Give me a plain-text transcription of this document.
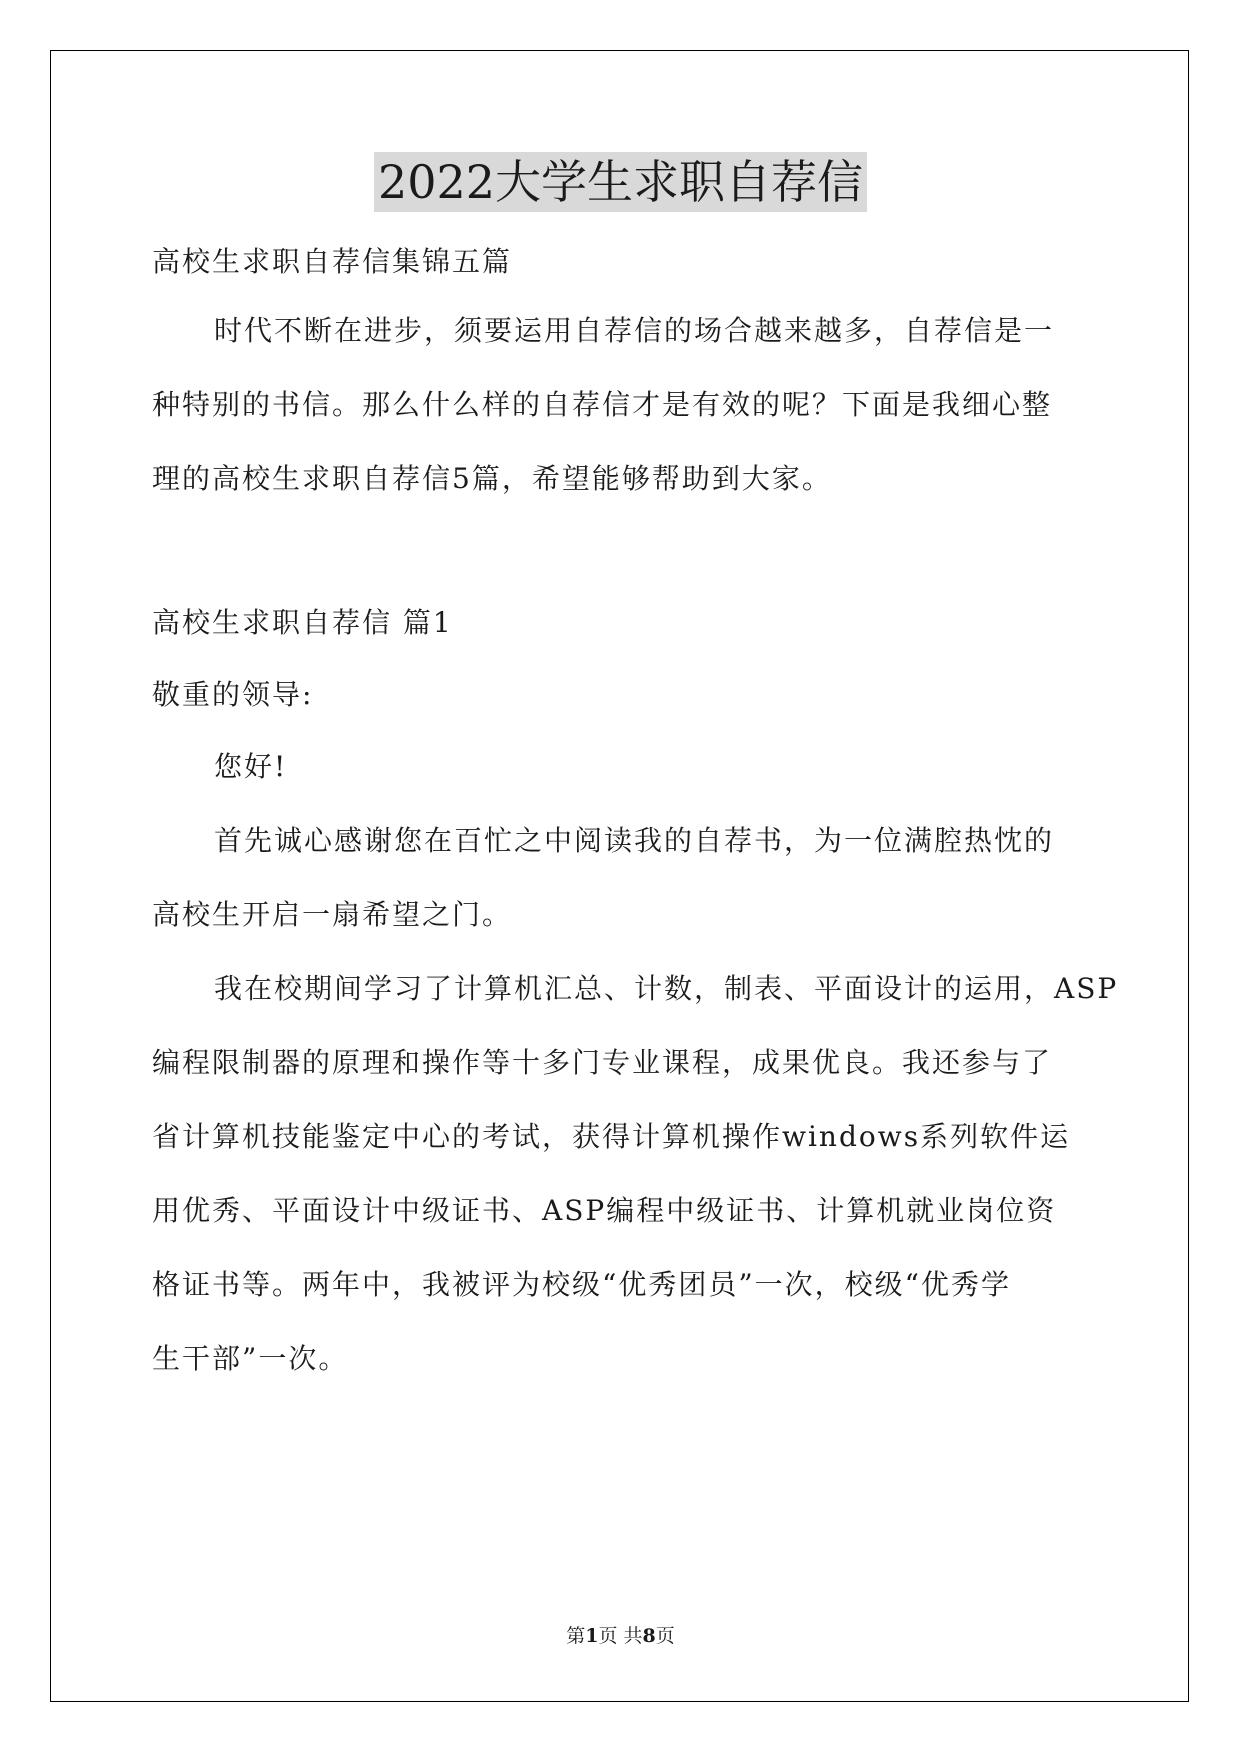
2022大学生求职自荐信
高校生求职自荐信集锦五篇
时代不断在进步，须要运用自荐信的场合越来越多，自荐信是一
种特别的书信。那么什么样的自荐信才是有效的呢？下面是我细心整
理的高校生求职自荐信5篇，希望能够帮助到大家。
高校生求职自荐信 篇1
敬重的领导:
您好!
首先诚心感谢您在百忙之中阅读我的自荐书，为一位满腔热忱的
高校生开启一扇希望之门。
我在校期间学习了计算机汇总、计数，制表、平面设计的运用，ASP
编程限制器的原理和操作等十多门专业课程，成果优良。我还参与了
省计算机技能鉴定中心的考试，获得计算机操作windows系列软件运
用优秀、平面设计中级证书、ASP编程中级证书、计算机就业岗位资
格证书等。两年中，我被评为校级“优秀团员”一次，校级“优秀学
生干部”一次。
第1页 共8页
